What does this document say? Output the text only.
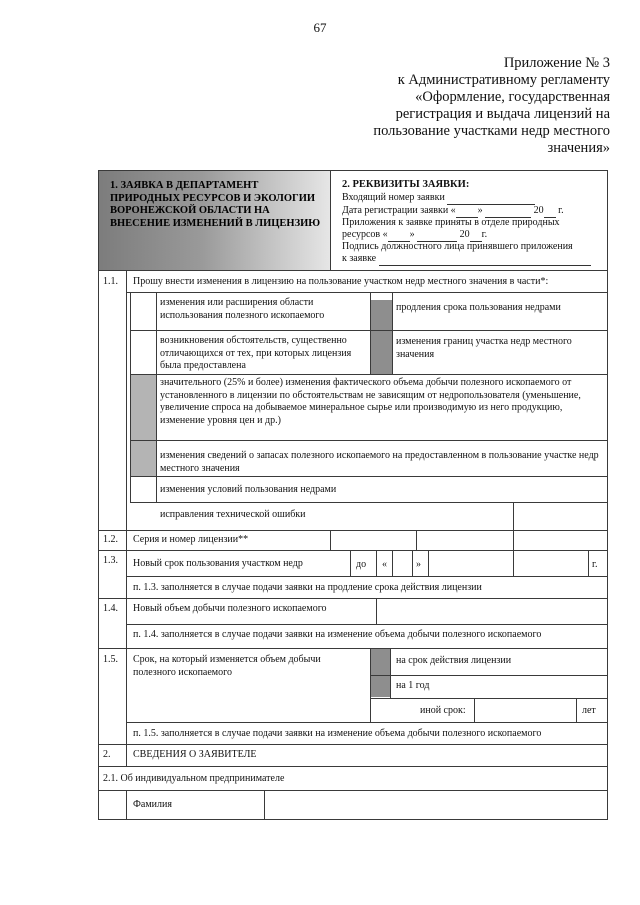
67
Приложение № 3
к Административному регламенту
«Оформление, государственная
регистрация и выдача лицензий на
пользование участками недр местного
значения»
1. ЗАЯВКА В ДЕПАРТАМЕНТ
ПРИРОДНЫХ РЕСУРСОВ И ЭКОЛОГИИ
ВОРОНЕЖСКОЙ ОБЛАСТИ НА
ВНЕСЕНИЕ ИЗМЕНЕНИЙ В ЛИЦЕНЗИЮ
2. РЕКВИЗИТЫ ЗАЯВКИ:
Входящий номер заявки
Дата регистрации заявки « »	20 г.
Приложения к заявке приняты в отделе природных
ресурсов « »	20 г.
Подпись должностного лица принявшего приложения
к заявке
1.1. Прошу внести изменения в лицензию на пользование участком недр местного значения в части*:
изменения или расширения области использования полезного ископаемого
продления срока пользования недрами
возникновения обстоятельств, существенно отличающихся от тех, при которых лицензия была предоставлена
изменения границ участка недр местного значения
значительного (25% и более) изменения фактического объема добычи полезного ископаемого от установленного в лицензии по обстоятельствам не зависящим от недропользователя (уменьшение, увеличение спроса на добываемое минеральное сырье или производимую из него продукцию, изменение уровня цен и др.)
изменения сведений о запасах полезного ископаемого на предоставленном в пользование участке недр местного значения
изменения условий пользования недрами
исправления технической ошибки
1.2. Серия и номер лицензии**
1.3. Новый срок пользования участком недр	до «	»	г.
п. 1.3. заполняется в случае подачи заявки на продление срока действия лицензии
1.4. Новый объем добычи полезного ископаемого
п. 1.4. заполняется в случае подачи заявки на изменение объема добычи полезного ископаемого
1.5. Срок, на который изменяется объем добычи полезного ископаемого
на срок действия лицензии
на 1 год
иной срок:	лет
п. 1.5. заполняется в случае подачи заявки на изменение объема добычи полезного ископаемого
2. СВЕДЕНИЯ О ЗАЯВИТЕЛЕ
2.1. Об индивидуальном предпринимателе
Фамилия
